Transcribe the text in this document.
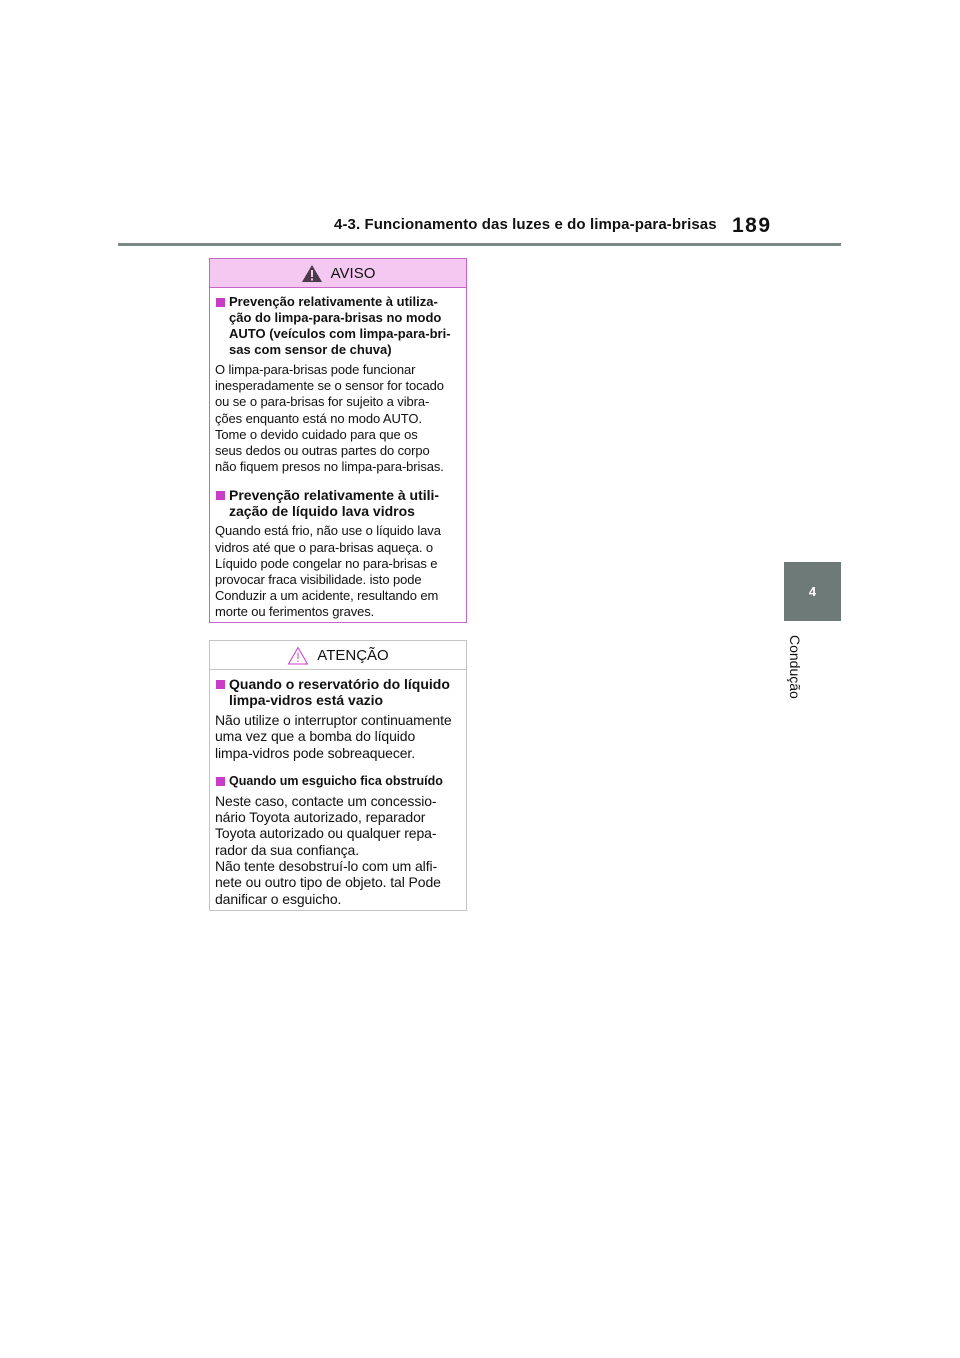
4-3. Funcionamento das luzes e do limpa-para-brisas 189
4
Condução
AVISO
Prevenção relativamente à utiliza-
ção do limpa-para-brisas no modo
AUTO (veículos com limpa-para-bri-
sas com sensor de chuva)
O limpa-para-brisas pode funcionar
inesperadamente se o sensor for tocado
ou se o para-brisas for sujeito a vibra-
ções enquanto está no modo AUTO.
Tome o devido cuidado para que os
seus dedos ou outras partes do corpo
não fiquem presos no limpa-para-brisas.
Prevenção relativamente à utili-
zação de líquido lava vidros
Quando está frio, não use o líquido lava
vidros até que o para-brisas aqueça. o
Líquido pode congelar no para-brisas e
provocar fraca visibilidade. isto pode
Conduzir a um acidente, resultando em
morte ou ferimentos graves.
ATENÇÃO
Quando o reservatório do líquido
limpa-vidros está vazio
Não utilize o interruptor continuamente
uma vez que a bomba do líquido
limpa-vidros pode sobreaquecer.
Quando um esguicho fica obstruído
Neste caso, contacte um concessio-
nário Toyota autorizado, reparador
Toyota autorizado ou qualquer repa-
rador da sua confiança.
Não tente desobstruí-lo com um alfi-
nete ou outro tipo de objeto. tal Pode
danificar o esguicho.
